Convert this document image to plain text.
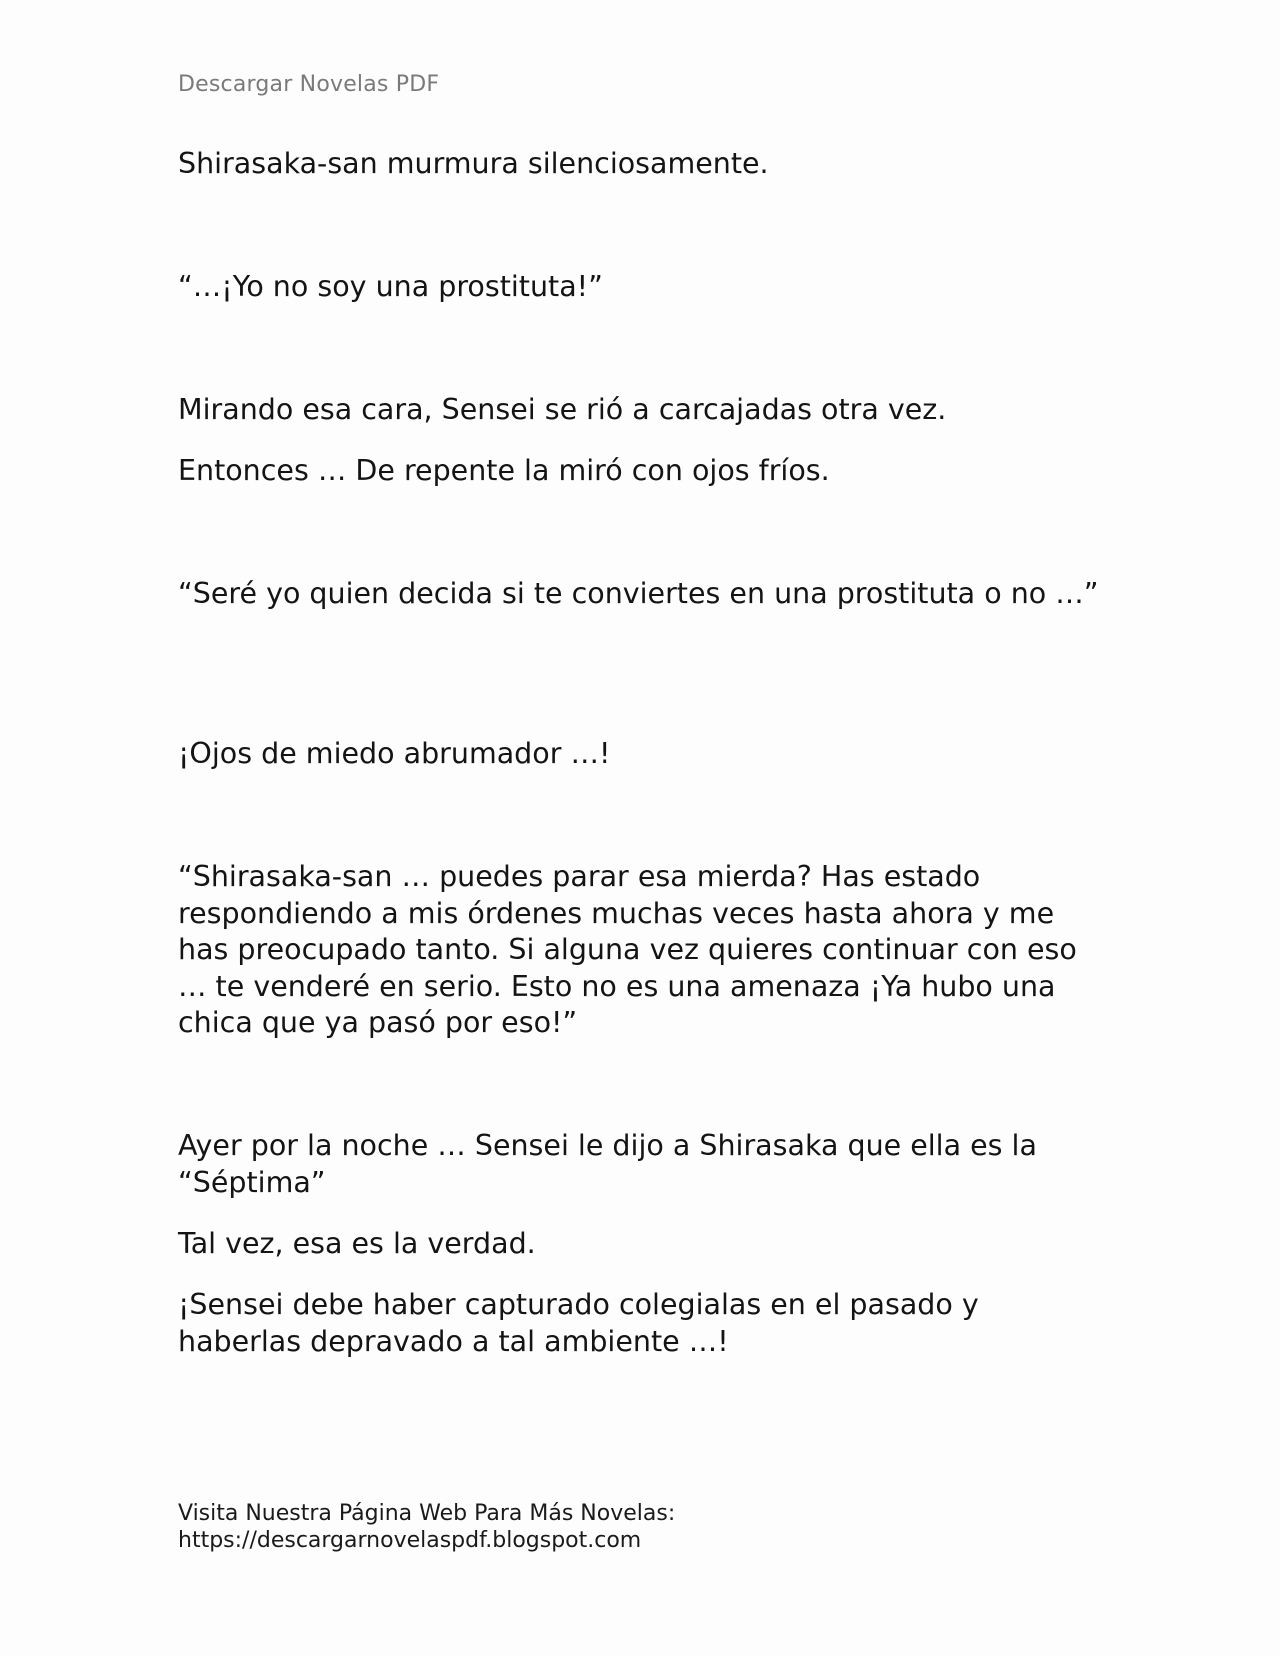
Descargar Novelas PDF
Shirasaka-san murmura silenciosamente.
“…¡Yo no soy una prostituta!”
Mirando esa cara, Sensei se rió a carcajadas otra vez.
Entonces … De repente la miró con ojos fríos.
“Seré yo quien decida si te conviertes en una prostituta o no …”
¡Ojos de miedo abrumador …!
“Shirasaka-san … puedes parar esa mierda? Has estado respondiendo a mis órdenes muchas veces hasta ahora y me has preocupado tanto. Si alguna vez quieres continuar con eso … te venderé en serio. Esto no es una amenaza ¡Ya hubo una chica que ya pasó por eso!”
Ayer por la noche … Sensei le dijo a Shirasaka que ella es la “Séptima”
Tal vez, esa es la verdad.
¡Sensei debe haber capturado colegialas en el pasado y haberlas depravado a tal ambiente …!
Visita Nuestra Página Web Para Más Novelas:
https://descargarnovelaspdf.blogspot.com
